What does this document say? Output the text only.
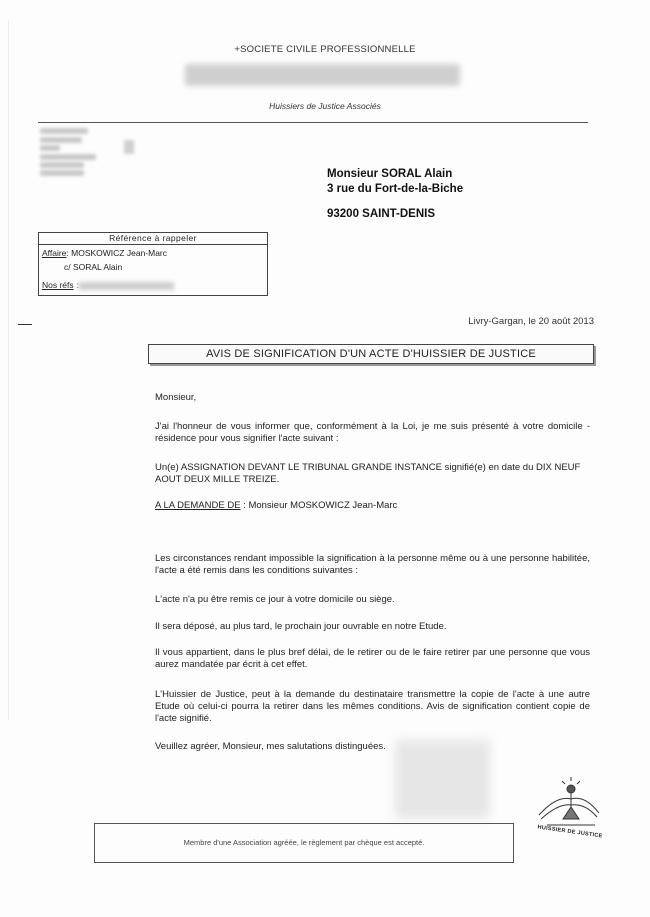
+SOCIETE CIVILE PROFESSIONNELLE
Huissiers de Justice Associés
Monsieur SORAL Alain
3 rue du Fort-de-la-Biche
93200 SAINT-DENIS
Référence à rappeler
Affaire: MOSKOWICZ Jean-Marc
c/ SORAL Alain
Nos réfs :
Livry-Gargan, le 20 août 2013
AVIS DE SIGNIFICATION D'UN ACTE D'HUISSIER DE JUSTICE
Monsieur,
J'ai l'honneur de vous informer que, conformément à la Loi, je me suis présenté à votre domicile - résidence pour vous signifier l'acte suivant :
Un(e) ASSIGNATION DEVANT LE TRIBUNAL GRANDE INSTANCE signifié(e) en date du DIX NEUF AOUT DEUX MILLE TREIZE.
A LA DEMANDE DE : Monsieur MOSKOWICZ Jean-Marc
Les circonstances rendant impossible la signification à la personne même ou à une personne habilitée, l'acte a été remis dans les conditions suivantes :
L'acte n'a pu être remis ce jour à votre domicile ou siège.
Il sera déposé, au plus tard, le prochain jour ouvrable en notre Etude.
Il vous appartient, dans le plus bref délai, de le retirer ou de le faire retirer par une personne que vous aurez mandatée par écrit à cet effet.
L'Huissier de Justice, peut à la demande du destinataire transmettre la copie de l'acte à une autre Etude où celui-ci pourra la retirer dans les mêmes conditions. Avis de signification contient copie de l'acte signifié.
Veuillez agréer, Monsieur, mes salutations distinguées.
HUISSIER DE JUSTICE
Membre d'une Association agréée, le règlement par chèque est accepté.
